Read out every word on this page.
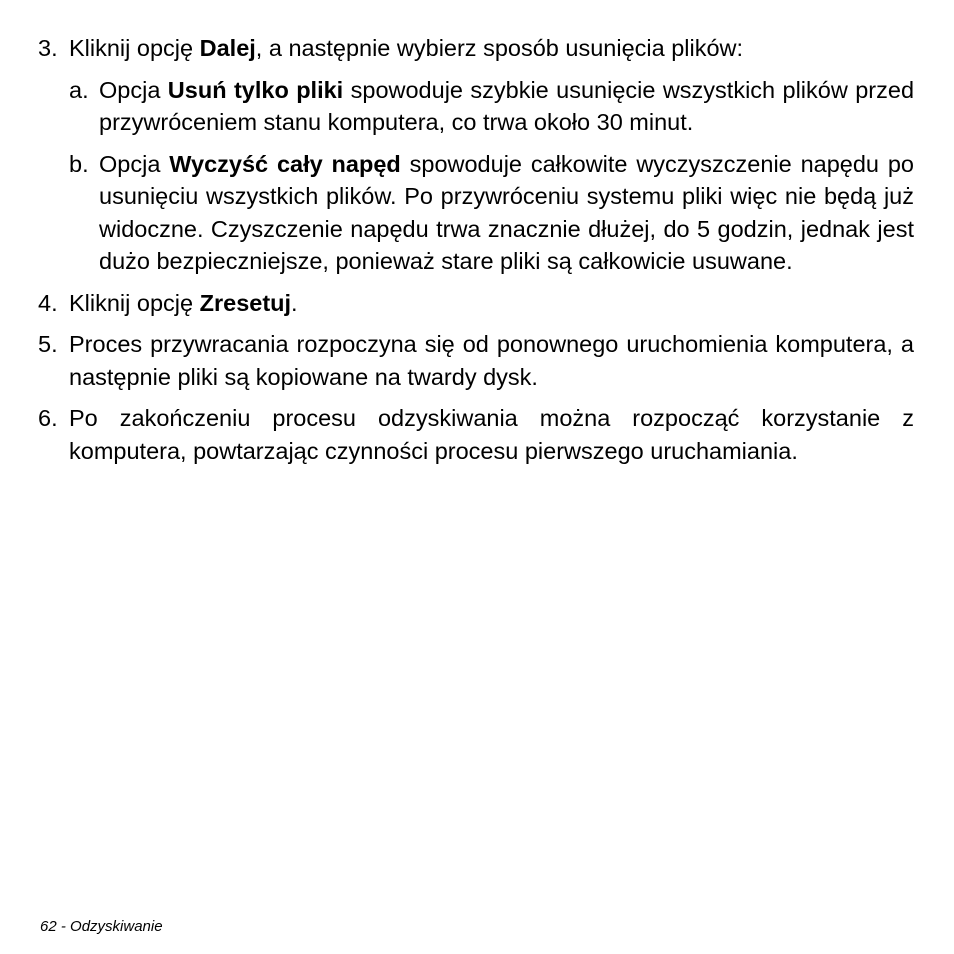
3. Kliknij opcję Dalej, a następnie wybierz sposób usunięcia plików:
a. Opcja Usuń tylko pliki spowoduje szybkie usunięcie wszystkich plików przed przywróceniem stanu komputera, co trwa około 30 minut.
b. Opcja Wyczyść cały napęd spowoduje całkowite wyczyszczenie napędu po usunięciu wszystkich plików. Po przywróceniu systemu pliki więc nie będą już widoczne. Czyszczenie napędu trwa znacznie dłużej, do 5 godzin, jednak jest dużo bezpieczniejsze, ponieważ stare pliki są całkowicie usuwane.
4. Kliknij opcję Zresetuj.
5. Proces przywracania rozpoczyna się od ponownego uruchomienia komputera, a następnie pliki są kopiowane na twardy dysk.
6. Po zakończeniu procesu odzyskiwania można rozpocząć korzystanie z komputera, powtarzając czynności procesu pierwszego uruchamiania.
62 - Odzyskiwanie
